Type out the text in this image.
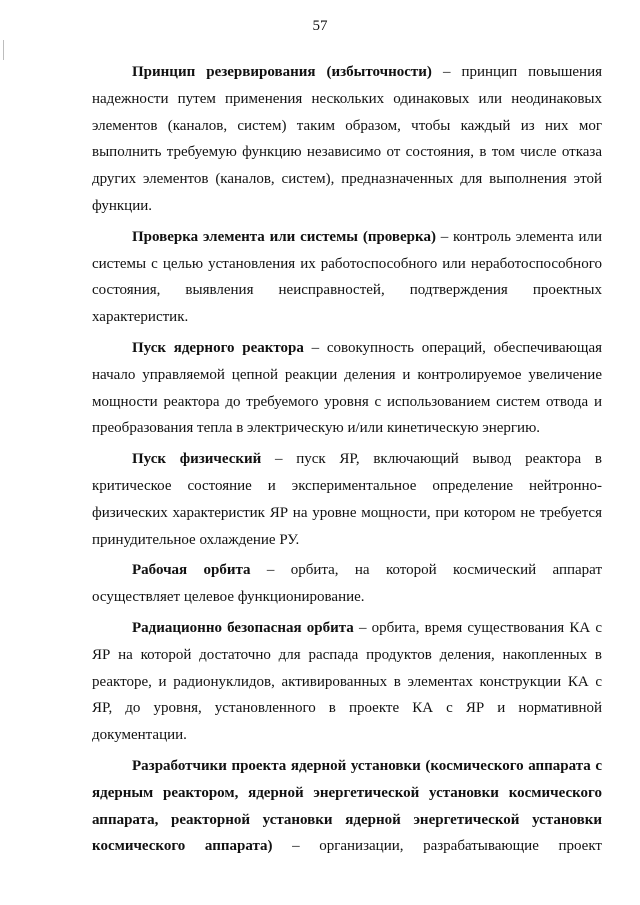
57

Принцип резервирования (избыточности) – принцип повышения надежности путем применения нескольких одинаковых или неодинаковых элементов (каналов, систем) таким образом, чтобы каждый из них мог выполнить требуемую функцию независимо от состояния, в том числе отказа других элементов (каналов, систем), предназначенных для выполнения этой функции.

Проверка элемента или системы (проверка) – контроль элемента или системы с целью установления их работоспособного или неработоспособного состояния, выявления неисправностей, подтверждения проектных характеристик.

Пуск ядерного реактора – совокупность операций, обеспечивающая начало управляемой цепной реакции деления и контролируемое увеличение мощности реактора до требуемого уровня с использованием систем отвода и преобразования тепла в электрическую и/или кинетическую энергию.

Пуск физический – пуск ЯР, включающий вывод реактора в критическое состояние и экспериментальное определение нейтронно-физических характеристик ЯР на уровне мощности, при котором не требуется принудительное охлаждение РУ.

Рабочая орбита – орбита, на которой космический аппарат осуществляет целевое функционирование.

Радиационно безопасная орбита – орбита, время существования КА с ЯР на которой достаточно для распада продуктов деления, накопленных в реакторе, и радионуклидов, активированных в элементах конструкции КА с ЯР, до уровня, установленного в проекте КА с ЯР и нормативной документации.

Разработчики проекта ядерной установки (космического аппарата с ядерным реактором, ядерной энергетической установки космического аппарата, реакторной установки ядерной энергетической установки космического аппарата) – организации, разрабатывающие проект
